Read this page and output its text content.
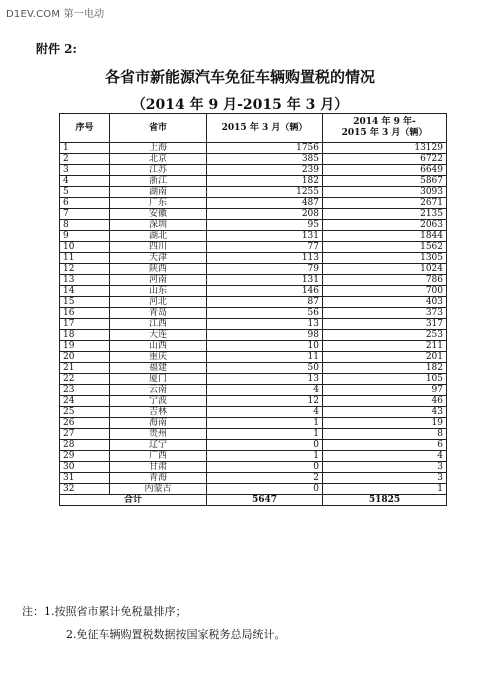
D1EV.COM 第一电动
附件 2:
各省市新能源汽车免征车辆购置税的情况
（2014 年 9 月-2015 年 3 月）
序号	省市	2015 年 3 月（辆）	2014 年 9 年-
2015 年 3 月（辆）
1	上海	1756	13129
2	北京	385	6722
3	江苏	239	6649
4	浙江	182	5867
5	湖南	1255	3093
6	广东	487	2671
7	安徽	208	2135
8	深圳	95	2063
9	湖北	131	1844
10	四川	77	1562
11	天津	113	1305
12	陕西	79	1024
13	河南	131	786
14	山东	146	700
15	河北	87	403
16	青岛	56	373
17	江西	13	317
18	大连	98	253
19	山西	10	211
20	重庆	11	201
21	福建	50	182
22	厦门	13	105
23	云南	4	97
24	宁波	12	46
25	吉林	4	43
26	海南	1	19
27	贵州	1	8
28	辽宁	0	6
29	广西	1	4
30	甘肃	0	3
31	青海	2	3
32	内蒙古	0	1
合计		5647	51825
注：1.按照省市累计免税量排序；
2.免征车辆购置税数据按国家税务总局统计。
